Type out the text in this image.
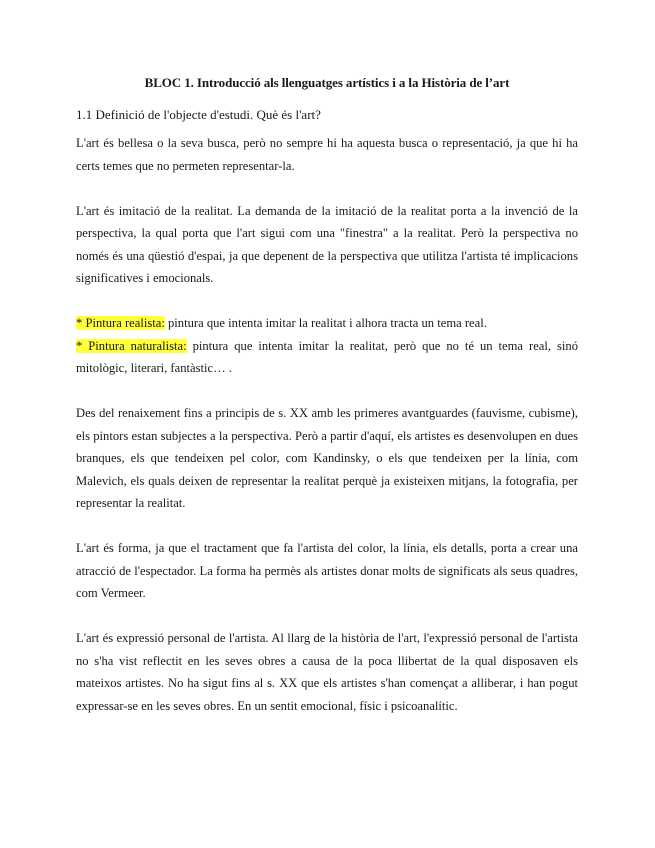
BLOC 1. Introducció als llenguatges artístics i a la Història de l’art
1.1 Definició de l'objecte d'estudi. Què és l'art?

L'art és bellesa o la seva busca, però no sempre hi ha aquesta busca o representació, ja que hi ha certs temes que no permeten representar-la.

L'art és imitació de la realitat. La demanda de la imitació de la realitat porta a la invenció de la perspectiva, la qual porta que l'art sigui com una "finestra" a la realitat. Però la perspectiva no només és una qüestió d'espai, ja que depenent de la perspectiva que utilitza l'artista té implicacions significatives i emocionals.

* Pintura realista: pintura que intenta imitar la realitat i alhora tracta un tema real.

* Pintura naturalista: pintura que intenta imitar la realitat, però que no té un tema real, sinó mitològic, literari, fantàstic… .

Des del renaixement fins a principis de s. XX amb les primeres avantguardes (fauvisme, cubisme), els pintors estan subjectes a la perspectiva. Però a partir d'aquí, els artistes es desenvolupen en dues branques, els que tendeixen pel color, com Kandinsky, o els que tendeixen per la línia, com Malevich, els quals deixen de representar la realitat perquè ja existeixen mitjans, la fotografia, per representar la realitat.

L'art és forma, ja que el tractament que fa l'artista del color, la línia, els detalls, porta a crear una atracció de l'espectador. La forma ha permès als artistes donar molts de significats als seus quadres, com Vermeer.

L'art és expressió personal de l'artista. Al llarg de la història de l'art, l'expressió personal de l'artista no s'ha vist reflectit en les seves obres a causa de la poca llibertat de la qual disposaven els mateixos artistes. No ha sigut fins al s. XX que els artistes s'han començat a alliberar, i han pogut expressar-se en les seves obres. En un sentit emocional, físic i psicoanalític.
